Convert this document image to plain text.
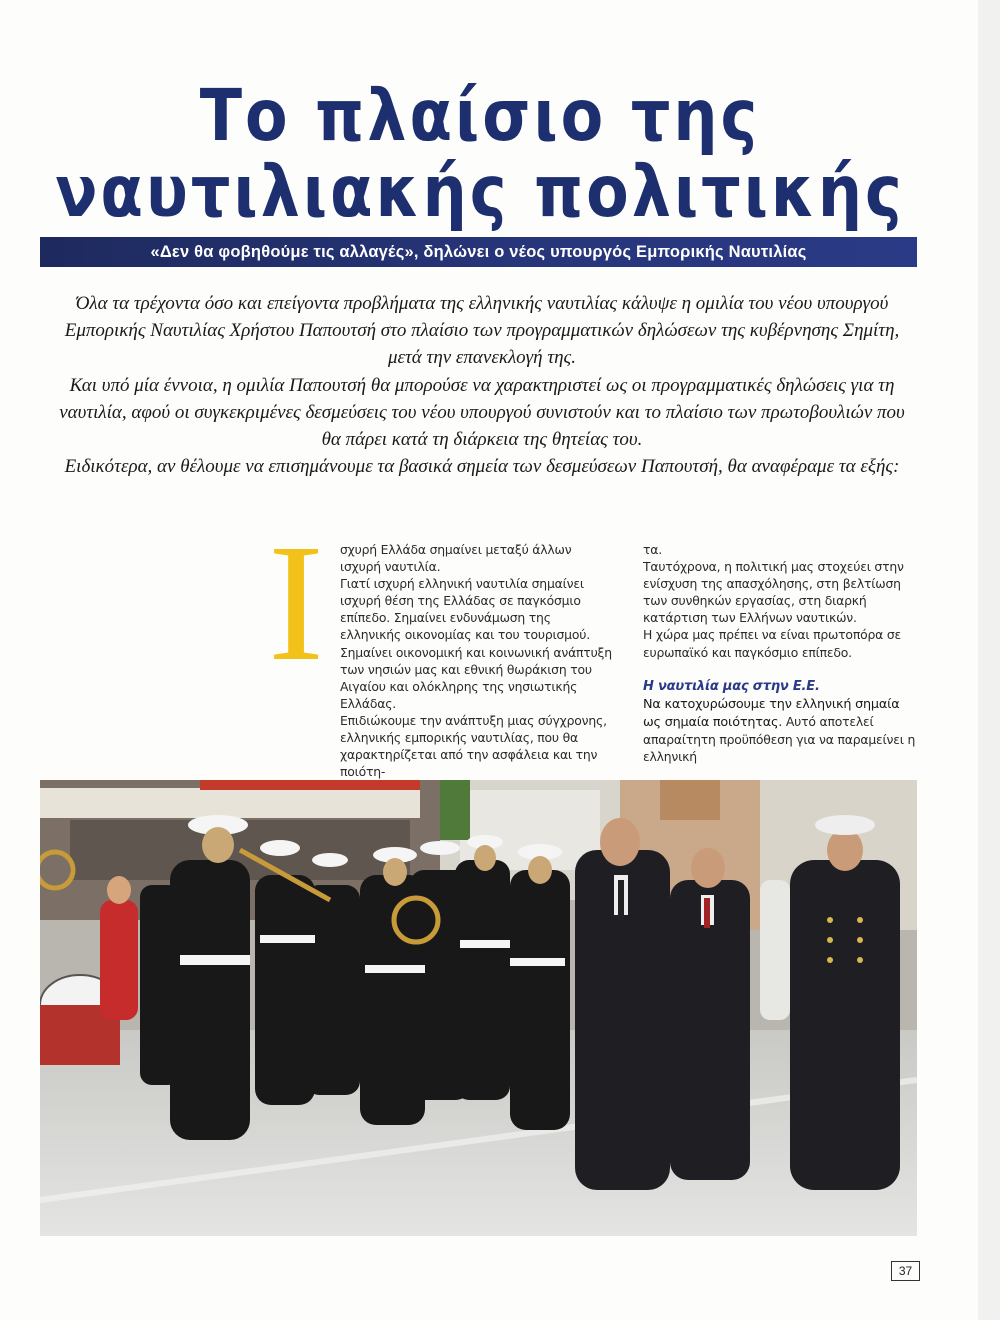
Το πλαίσιο της
ναυτιλιακής πολιτικής
«Δεν θα φοβηθούμε τις αλλαγές», δηλώνει ο νέος υπουργός Εμπορικής Ναυτιλίας

Όλα τα τρέχοντα όσο και επείγοντα προβλήματα της ελληνικής ναυτιλίας κάλυψε η ομιλία του νέου υπουργού Εμπορικής Ναυτιλίας Χρήστου Παπουτσή στο πλαίσιο των προγραμματικών δηλώσεων της κυβέρνησης Σημίτη, μετά την επανεκλογή της.

Και υπό μία έννοια, η ομιλία Παπουτσή θα μπορούσε να χαρακτηριστεί ως οι προγραμματικές δηλώσεις για τη ναυτιλία, αφού οι συγκεκριμένες δεσμεύσεις του νέου υπουργού συνιστούν και το πλαίσιο των πρωτοβουλιών που θα πάρει κατά τη διάρκεια της θητείας του.

Ειδικότερα, αν θέλουμε να επισημάνουμε τα βασικά σημεία των δεσμεύσεων Παπουτσή, θα αναφέραμε τα εξής:

Ι	σχυρή Ελλάδα σημαίνει μεταξύ άλλων ισχυρή ναυτιλία.

Γιατί ισχυρή ελληνική ναυτιλία σημαίνει ισχυρή θέση της Ελλάδας σε παγκόσμιο επίπεδο. Σημαίνει ενδυνάμωση της ελληνικής οικονομίας και του τουρισμού. Σημαίνει οικονομική και κοινωνική ανάπτυξη των νησιών μας και εθνική θωράκιση του Αιγαίου και ολόκληρης της νησιωτικής Ελλάδας.

Επιδιώκουμε την ανάπτυξη μιας σύγχρονης, ελληνικής εμπορικής ναυτιλίας, που θα χαρακτηρίζεται από την ασφάλεια και την ποιότη-

τα.

Ταυτόχρονα, η πολιτική μας στοχεύει στην ενίσχυση της απασχόλησης, στη βελτίωση των συνθηκών εργασίας, στη διαρκή κατάρτιση των Ελλήνων ναυτικών.

Η χώρα μας πρέπει να είναι πρωτοπόρα σε ευρωπαϊκό και παγκόσμιο επίπεδο.

Η ναυτιλία μας στην Ε.Ε.

Να κατοχυρώσουμε την ελληνική σημαία ως σημαία ποιότητας. Αυτό αποτελεί απαραίτητη προϋπόθεση για να παραμείνει η ελληνική

37
